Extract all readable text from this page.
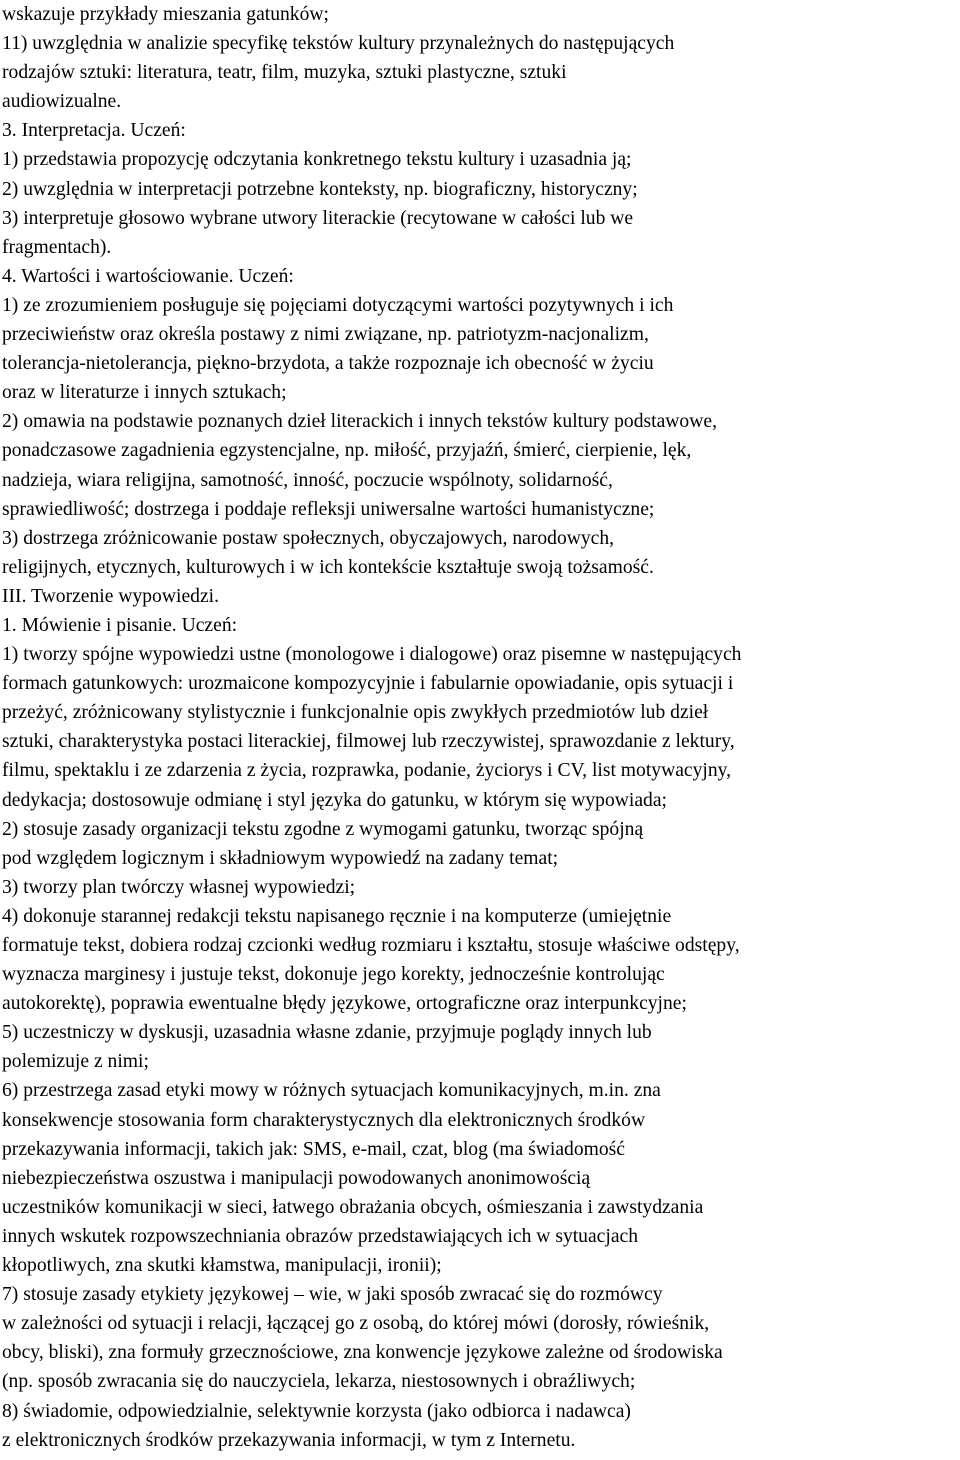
wskazuje przykłady mieszania gatunków;
11) uwzględnia w analizie specyfikę tekstów kultury przynależnych do następujących
rodzajów sztuki: literatura, teatr, film, muzyka, sztuki plastyczne, sztuki
audiowizualne.
3. Interpretacja. Uczeń:
1) przedstawia propozycję odczytania konkretnego tekstu kultury i uzasadnia ją;
2) uwzględnia w interpretacji potrzebne konteksty, np. biograficzny, historyczny;
3) interpretuje głosowo wybrane utwory literackie (recytowane w całości lub we
fragmentach).
4. Wartości i wartościowanie. Uczeń:
1) ze zrozumieniem posługuje się pojęciami dotyczącymi wartości pozytywnych i ich
przeciwieństw oraz określa postawy z nimi związane, np. patriotyzm-nacjonalizm,
tolerancja-nietolerancja, piękno-brzydota, a także rozpoznaje ich obecność w życiu
oraz w literaturze i innych sztukach;
2) omawia na podstawie poznanych dzieł literackich i innych tekstów kultury podstawowe,
ponadczasowe zagadnienia egzystencjalne, np. miłość, przyjaźń, śmierć, cierpienie, lęk,
nadzieja, wiara religijna, samotność, inność, poczucie wspólnoty, solidarność,
sprawiedliwość; dostrzega i poddaje refleksji uniwersalne wartości humanistyczne;
3) dostrzega zróżnicowanie postaw społecznych, obyczajowych, narodowych,
religijnych, etycznych, kulturowych i w ich kontekście kształtuje swoją tożsamość.
III. Tworzenie wypowiedzi.
1. Mówienie i pisanie. Uczeń:
1) tworzy spójne wypowiedzi ustne (monologowe i dialogowe) oraz pisemne w następujących
formach gatunkowych: urozmaicone kompozycyjnie i fabularnie opowiadanie, opis sytuacji i
przeżyć, zróżnicowany stylistycznie i funkcjonalnie opis zwykłych przedmiotów lub dzieł
sztuki, charakterystyka postaci literackiej, filmowej lub rzeczywistej, sprawozdanie z lektury,
filmu, spektaklu i ze zdarzenia z życia, rozprawka, podanie, życiorys i CV, list motywacyjny,
dedykacja; dostosowuje odmianę i styl języka do gatunku, w którym się wypowiada;
2) stosuje zasady organizacji tekstu zgodne z wymogami gatunku, tworząc spójną
pod względem logicznym i składniowym wypowiedź na zadany temat;
3) tworzy plan twórczy własnej wypowiedzi;
4) dokonuje starannej redakcji tekstu napisanego ręcznie i na komputerze (umiejętnie
formatuje tekst, dobiera rodzaj czcionki według rozmiaru i kształtu, stosuje właściwe odstępy,
wyznacza marginesy i justuje tekst, dokonuje jego korekty, jednocześnie kontrolując
autokorektę), poprawia ewentualne błędy językowe, ortograficzne oraz interpunkcyjne;
5) uczestniczy w dyskusji, uzasadnia własne zdanie, przyjmuje poglądy innych lub
polemizuje z nimi;
6) przestrzega zasad etyki mowy w różnych sytuacjach komunikacyjnych, m.in. zna
konsekwencje stosowania form charakterystycznych dla elektronicznych środków
przekazywania informacji, takich jak: SMS, e-mail, czat, blog (ma świadomość
niebezpieczeństwa oszustwa i manipulacji powodowanych anonimowością
uczestników komunikacji w sieci, łatwego obrażania obcych, ośmieszania i zawstydzania
innych wskutek rozpowszechniania obrazów przedstawiających ich w sytuacjach
kłopotliwych, zna skutki kłamstwa, manipulacji, ironii);
7) stosuje zasady etykiety językowej – wie, w jaki sposób zwracać się do rozmówcy
w zależności od sytuacji i relacji, łączącej go z osobą, do której mówi (dorosły, rówieśnik,
obcy, bliski), zna formuły grzecznościowe, zna konwencje językowe zależne od środowiska
(np. sposób zwracania się do nauczyciela, lekarza, niestosownych i obraźliwych;
8) świadomie, odpowiedzialnie, selektywnie korzysta (jako odbiorca i nadawca)
z elektronicznych środków przekazywania informacji, w tym z Internetu.
